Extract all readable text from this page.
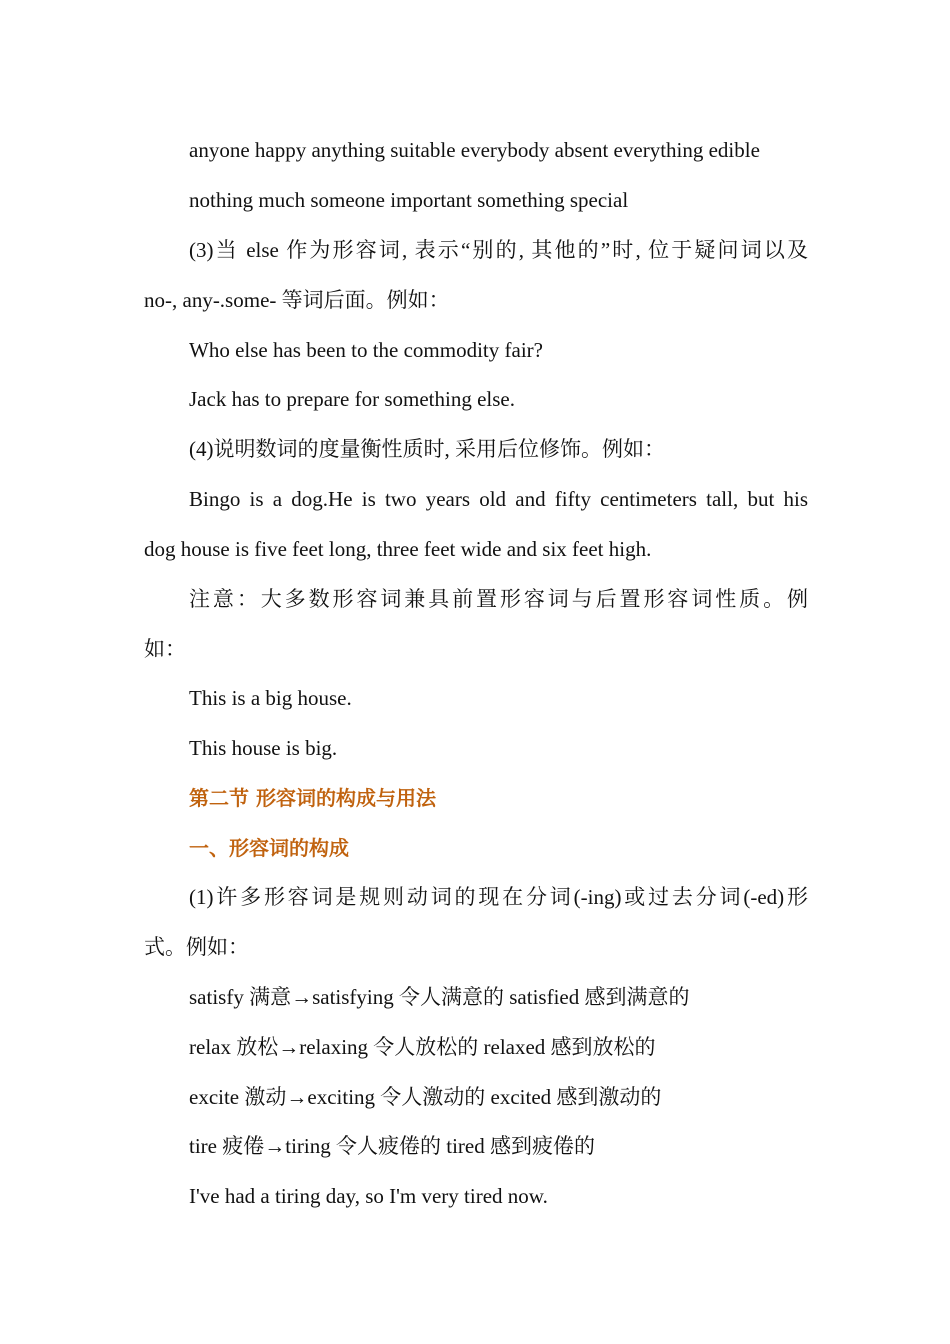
anyone happy anything suitable everybody absent everything edible
nothing much someone important something special
(3)当 else 作为形容词, 表示“别的, 其他的”时, 位于疑问词以及
no-, any-.some- 等词后面。例如：
Who else has been to the commodity fair?
Jack has to prepare for something else.
(4)说明数词的度量衡性质时, 采用后位修饰。例如：
Bingo is a dog.He is two years old and fifty centimeters tall, but his
dog house is five feet long, three feet wide and six feet high.
注意：大多数形容词兼具前置形容词与后置形容词性质。例
如：
This is a big house.
This house is big.
第二节 形容词的构成与用法
一、形容词的构成
(1)许多形容词是规则动词的现在分词(-ing)或过去分词(-ed)形
式。例如：
satisfy 满意→satisfying 令人满意的 satisfied 感到满意的
relax 放松→relaxing 令人放松的 relaxed 感到放松的
excite 激动→exciting 令人激动的 excited 感到激动的
tire 疲倦→tiring 令人疲倦的 tired 感到疲倦的
I've had a tiring day, so I'm very tired now.
